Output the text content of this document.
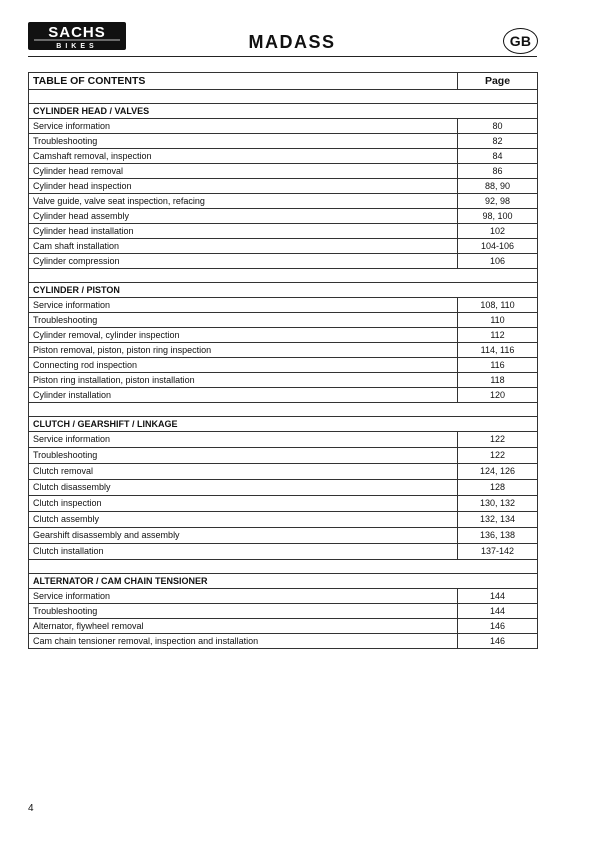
SACHS
BIKES	MADASS	GB
TABLE OF CONTENTS	Page

CYLINDER HEAD / VALVES	
Service information	80
Troubleshooting	82
Camshaft removal, inspection	84
Cylinder head removal	86
Cylinder head inspection	88, 90
Valve guide, valve seat inspection, refacing	92, 98
Cylinder head assembly	98, 100
Cylinder head installation	102
Cam shaft installation	104-106
Cylinder compression	106

CYLINDER / PISTON	
Service information	108, 110
Troubleshooting	110
Cylinder removal, cylinder inspection	112
Piston removal, piston, piston ring inspection	114, 116
Connecting rod inspection	116
Piston ring installation, piston installation	118
Cylinder installation	120

CLUTCH / GEARSHIFT / LINKAGE	
Service information	122
Troubleshooting	122
Clutch removal	124, 126
Clutch disassembly	128
Clutch inspection	130, 132
Clutch assembly	132, 134
Gearshift disassembly and assembly	136, 138
Clutch installation	137-142

ALTERNATOR / CAM CHAIN TENSIONER	
Service information	144
Troubleshooting	144
Alternator, flywheel removal	146
Cam chain tensioner removal, inspection and installation	146
4
